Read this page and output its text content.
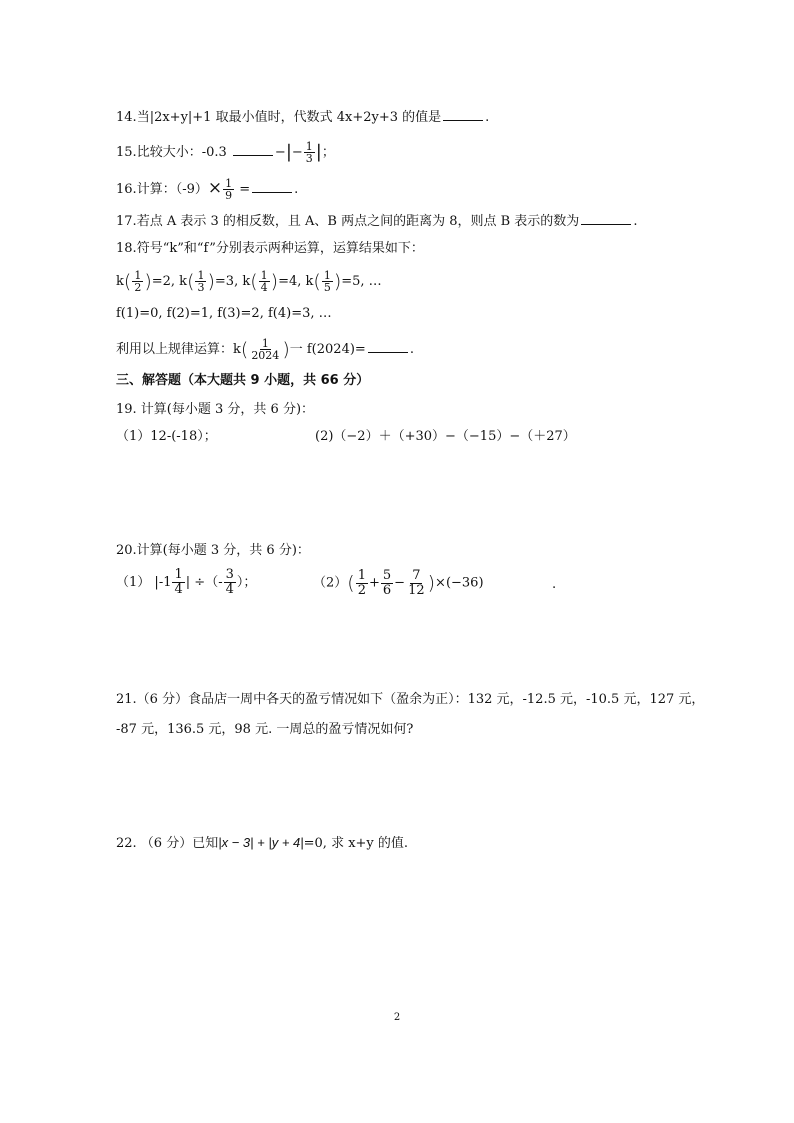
14.当|2x+y|+1 取最小值时，代数式 4x+2y+3 的值是	.
15.比较大小：-0.3	−|− $\frac{1}{3}$ |；
16.计算：$(-9)\times \frac{1}{9}$ =	.
17.若点 A 表示 3 的相反数，且 A、B 两点之间的距离为 8，则点 B 表示的数为	.
18.符号“k”和“f”分别表示两种运算，运算结果如下：
$k( \frac{1}{2} )=2$, $k( \frac{1}{3} )=3$, $k( \frac{1}{4} )=4$, $k( \frac{1}{5} )=5$, …
f(1)=0, f(2)=1, f(3)=2, f(4)=3, …
利用以上规律运算：$k( \frac{1}{2024}$ )一 f(2024)=	.
三、解答题（本大题共 9 小题，共 66 分）
19. 计算(每小题 3 分，共 6 分)：
（1）12-(-18）；	(2)（−2）＋（+30）−（−15）−（＋27）
20.计算(每小题 3 分，共 6 分)：
（1） $|-1 \frac{1}{4}$ | ÷（- $\frac{3}{4}$ ）；	$(2)( \frac{1}{2} + \frac{5}{6} - \frac{7}{12} )\times(-36)$	.
21.（6 分）食品店一周中各天的盈亏情况如下（盈余为正）：132 元，-12.5 元，-10.5 元，127 元，
-87 元，136.5 元，98 元. 一周总的盈亏情况如何?
22. （6 分）已知|x − 3| + |y + 4|=0, 求 x+y 的值.
2
